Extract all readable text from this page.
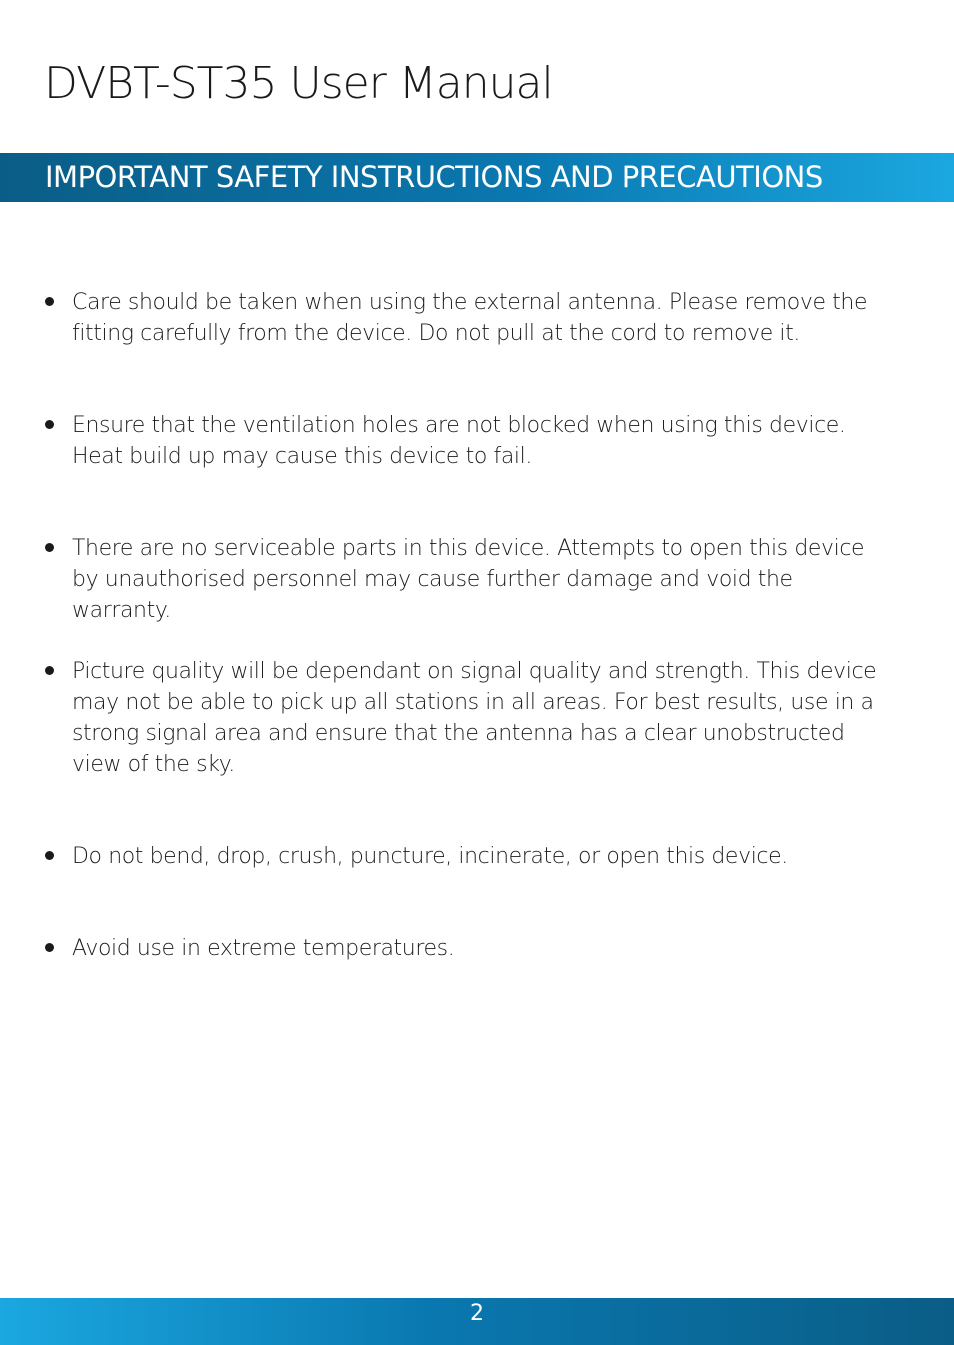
DVBT-ST35 User Manual
IMPORTANT SAFETY INSTRUCTIONS AND PRECAUTIONS
Care should be taken when using the external antenna. Please remove the fitting carefully from the device. Do not pull at the cord to remove it.
Ensure that the ventilation holes are not blocked when using this device. Heat build up may cause this device to fail.
There are no serviceable parts in this device. Attempts to open this device by unauthorised personnel may cause further damage and void the warranty.
Picture quality will be dependant on signal quality and strength. This device may not be able to pick up all stations in all areas. For best results, use in a strong signal area and ensure that the antenna has a clear unobstructed view of the sky.
Do not bend, drop, crush, puncture, incinerate, or open this device.
Avoid use in extreme temperatures.
2
